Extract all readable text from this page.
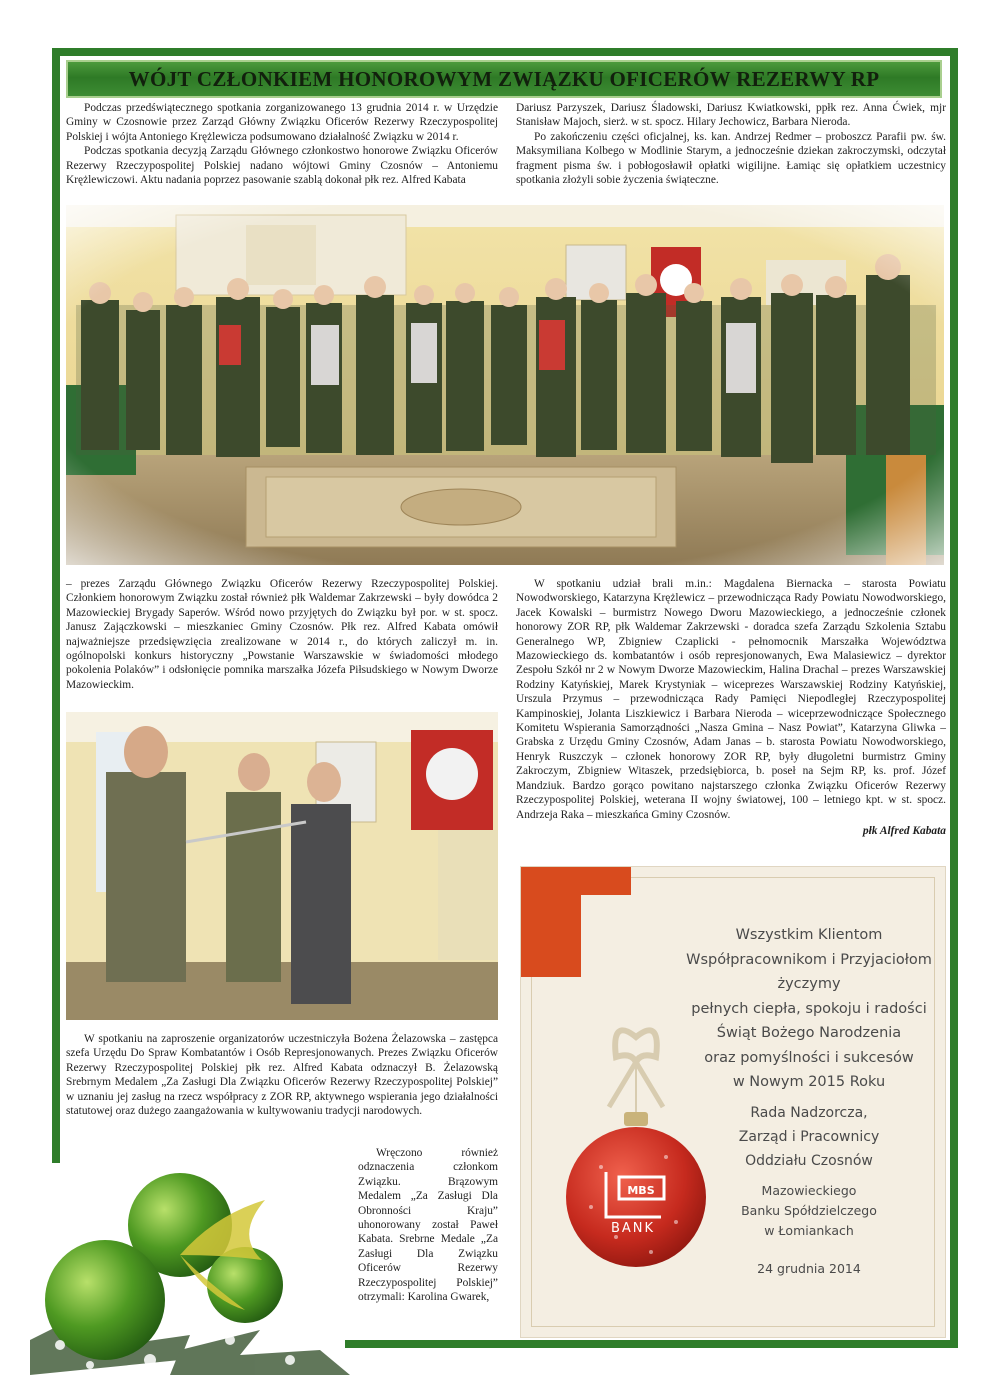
WÓJT CZŁONKIEM HONOROWYM ZWIĄZKU OFICERÓW REZERWY RP

Podczas przedświątecznego spotkania zorganizowanego 13 grudnia 2014 r. w Urzędzie Gminy w Czosnowie przez Zarząd Główny Związku Oficerów Rezerwy Rzeczypospolitej Polskiej i wójta Antoniego Krężlewicza podsumowano działalność Związku w 2014 r.

Podczas spotkania decyzją Zarządu Głównego członkostwo honorowe Związku Oficerów Rezerwy Rzeczypospolitej Polskiej nadano wójtowi Gminy Czosnów – Antoniemu Krężlewiczowi. Aktu nadania poprzez pasowanie szablą dokonał płk rez. Alfred Kabata

Dariusz Parzyszek, Dariusz Śladowski, Dariusz Kwiatkowski, ppłk rez. Anna Ćwiek, mjr Stanisław Majoch, sierż. w st. spocz. Hilary Jechowicz, Barbara Nieroda.

Po zakończeniu części oficjalnej, ks. kan. Andrzej Redmer – proboszcz Parafii pw. św. Maksymiliana Kolbego w Modlinie Starym, a jednocześnie dziekan zakroczymski, odczytał fragment pisma św. i pobłogosławił opłatki wigilijne. Łamiąc się opłatkiem uczestnicy spotkania złożyli sobie życzenia świąteczne.

– prezes Zarządu Głównego Związku Oficerów Rezerwy Rzeczypospolitej Polskiej. Członkiem honorowym Związku został również płk Waldemar Zakrzewski – były dowódca 2 Mazowieckiej Brygady Saperów. Wśród nowo przyjętych do Związku był por. w st. spocz. Janusz Zajączkowski – mieszkaniec Gminy Czosnów. Płk rez. Alfred Kabata omówił najważniejsze przedsięwzięcia zrealizowane w 2014 r., do których zaliczył m. in. ogólnopolski konkurs historyczny „Powstanie Warszawskie w świadomości młodego pokolenia Polaków” i odsłonięcie pomnika marszałka Józefa Piłsudskiego w Nowym Dworze Mazowieckim.

W spotkaniu udział brali m.in.: Magdalena Biernacka – starosta Powiatu Nowodworskiego, Katarzyna Krężlewicz – przewodnicząca Rady Powiatu Nowodworskiego, Jacek Kowalski – burmistrz Nowego Dworu Mazowieckiego, a jednocześnie członek honorowy ZOR RP, płk Waldemar Zakrzewski - doradca szefa Zarządu Szkolenia Sztabu Generalnego WP, Zbigniew Czaplicki - pełnomocnik Marszałka Województwa Mazowieckiego ds. kombatantów i osób represjonowanych, Ewa Malasiewicz – dyrektor Zespołu Szkół nr 2 w Nowym Dworze Mazowieckim, Halina Drachal – prezes Warszawskiej Rodziny Katyńskiej, Marek Krystyniak – wiceprezes Warszawskiej Rodziny Katyńskiej, Urszula Przymus – przewodnicząca Rady Pamięci Niepodległej Rzeczypospolitej Kampinoskiej, Jolanta Liszkiewicz i Barbara Nieroda – wiceprzewodniczące Społecznego Komitetu Wspierania Samorządności „Nasza Gmina – Nasz Powiat”, Katarzyna Gliwka – Grabska z Urzędu Gminy Czosnów, Adam Janas – b. starosta Powiatu Nowodworskiego, Henryk Ruszczyk – członek honorowy ZOR RP, były długoletni burmistrz Gminy Zakroczym, Zbigniew Witaszek, przedsiębiorca, b. poseł na Sejm RP, ks. prof. Józef Mandziuk. Bardzo gorąco powitano najstarszego członka Związku Oficerów Rezerwy Rzeczypospolitej Polskiej, weterana II wojny światowej, 100 – letniego kpt. w st. spocz. Andrzeja Raka – mieszkańca Gminy Czosnów.

płk Alfred Kabata

W spotkaniu na zaproszenie organizatorów uczestniczyła Bożena Żelazowska – zastępca szefa Urzędu Do Spraw Kombatantów i Osób Represjonowanych. Prezes Związku Oficerów Rezerwy Rzeczypospolitej Polskiej płk rez. Alfred Kabata odznaczył B. Żelazowską Srebrnym Medalem „Za Zasługi Dla Związku Oficerów Rezerwy Rzeczypospolitej Polskiej” w uznaniu jej zasług na rzecz współpracy z ZOR RP, aktywnego wspierania jego działalności statutowej oraz dużego zaangażowania w kultywowaniu tradycji narodowych.

Wręczono również odznaczenia członkom Związku. Brązowym Medalem „Za Zasługi Dla Obronności Kraju” uhonorowany został Paweł Kabata. Srebrne Medale „Za Zasługi Dla Związku Oficerów Rezerwy Rzeczypospolitej Polskiej” otrzymali: Karolina Gwarek,

MBS
BANK
Wszystkim Klientom
Współpracownikom i Przyjaciołom
życzymy
pełnych ciepła, spokoju i radości
Świąt Bożego Narodzenia
oraz pomyślności i sukcesów
w Nowym 2015 Roku
Rada Nadzorcza,
Zarząd i Pracownicy
Oddziału Czosnów
Mazowieckiego
Banku Spółdzielczego
w Łomiankach
24 grudnia 2014
